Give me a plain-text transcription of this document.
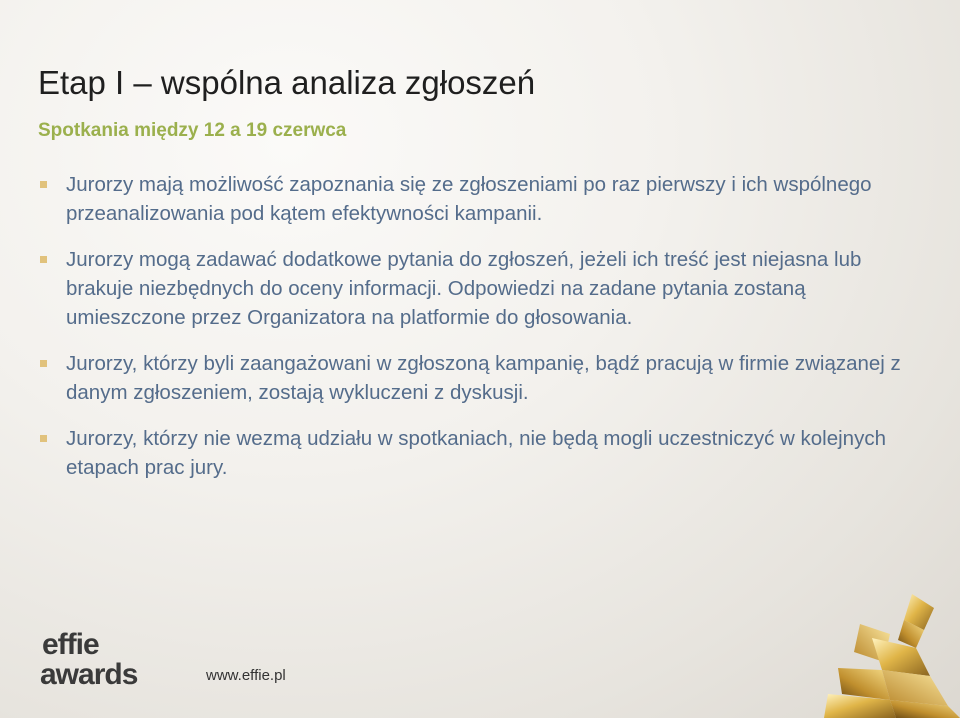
Etap I – wspólna analiza zgłoszeń
Spotkania między 12 a 19 czerwca
Jurorzy mają możliwość zapoznania się ze zgłoszeniami po raz pierwszy i ich wspólnego przeanalizowania pod kątem efektywności kampanii.
Jurorzy mogą zadawać dodatkowe pytania do zgłoszeń, jeżeli ich treść jest niejasna lub brakuje niezbędnych do oceny informacji. Odpowiedzi na zadane pytania zostaną umieszczone przez Organizatora na platformie do głosowania.
Jurorzy, którzy byli zaangażowani w zgłoszoną kampanię, bądź pracują w firmie związanej z danym zgłoszeniem, zostają wykluczeni z dyskusji.
Jurorzy, którzy nie wezmą udziału w spotkaniach, nie będą mogli uczestniczyć w kolejnych etapach prac jury.
effie
awards	www.effie.pl
